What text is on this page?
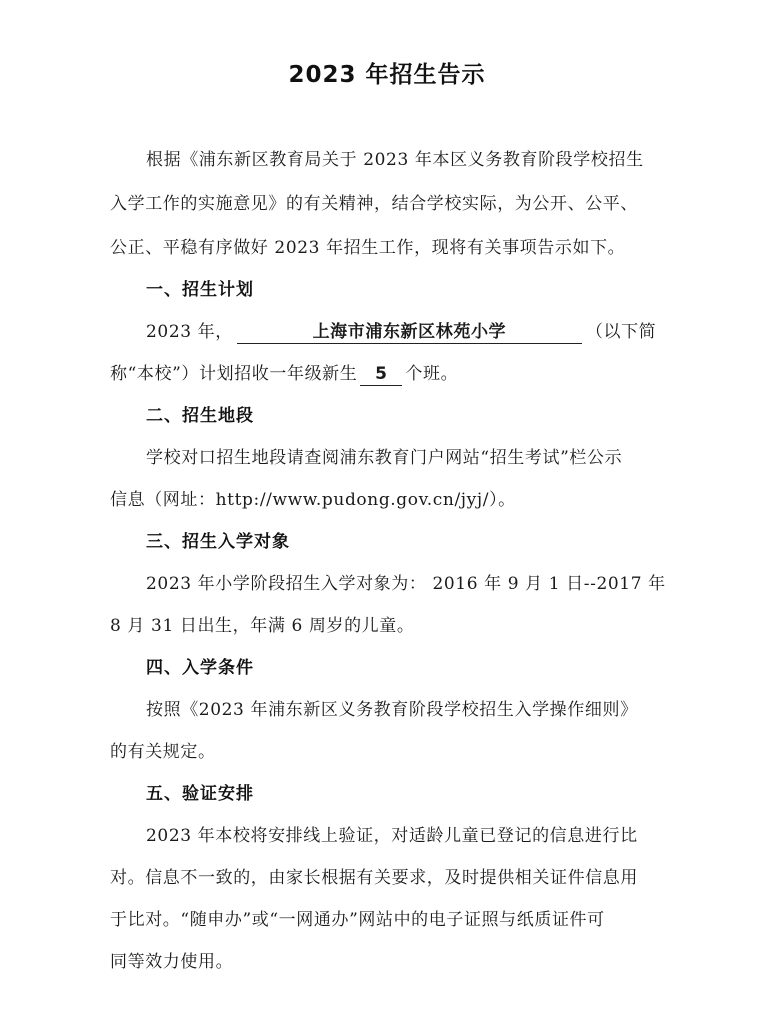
2023 年招生告示
根据《浦东新区教育局关于 2023 年本区义务教育阶段学校招生
入学工作的实施意见》的有关精神，结合学校实际，为公开、公平、
公正、平稳有序做好 2023 年招生工作，现将有关事项告示如下。
一、招生计划
2023 年，	上海市浦东新区林苑小学	（以下简
称“本校”）计划招收一年级新生 5 个班。
二、招生地段
学校对口招生地段请查阅浦东教育门户网站“招生考试”栏公示
信息（网址：http://www.pudong.gov.cn/jyj/）。
三、招生入学对象
2023 年小学阶段招生入学对象为： 2016 年 9 月 1 日--2017 年
8 月 31 日出生，年满 6 周岁的儿童。
四、入学条件
按照《2023 年浦东新区义务教育阶段学校招生入学操作细则》
的有关规定。
五、验证安排
2023 年本校将安排线上验证，对适龄儿童已登记的信息进行比
对。信息不一致的，由家长根据有关要求，及时提供相关证件信息用
于比对。“随申办”或“一网通办”网站中的电子证照与纸质证件可
同等效力使用。
